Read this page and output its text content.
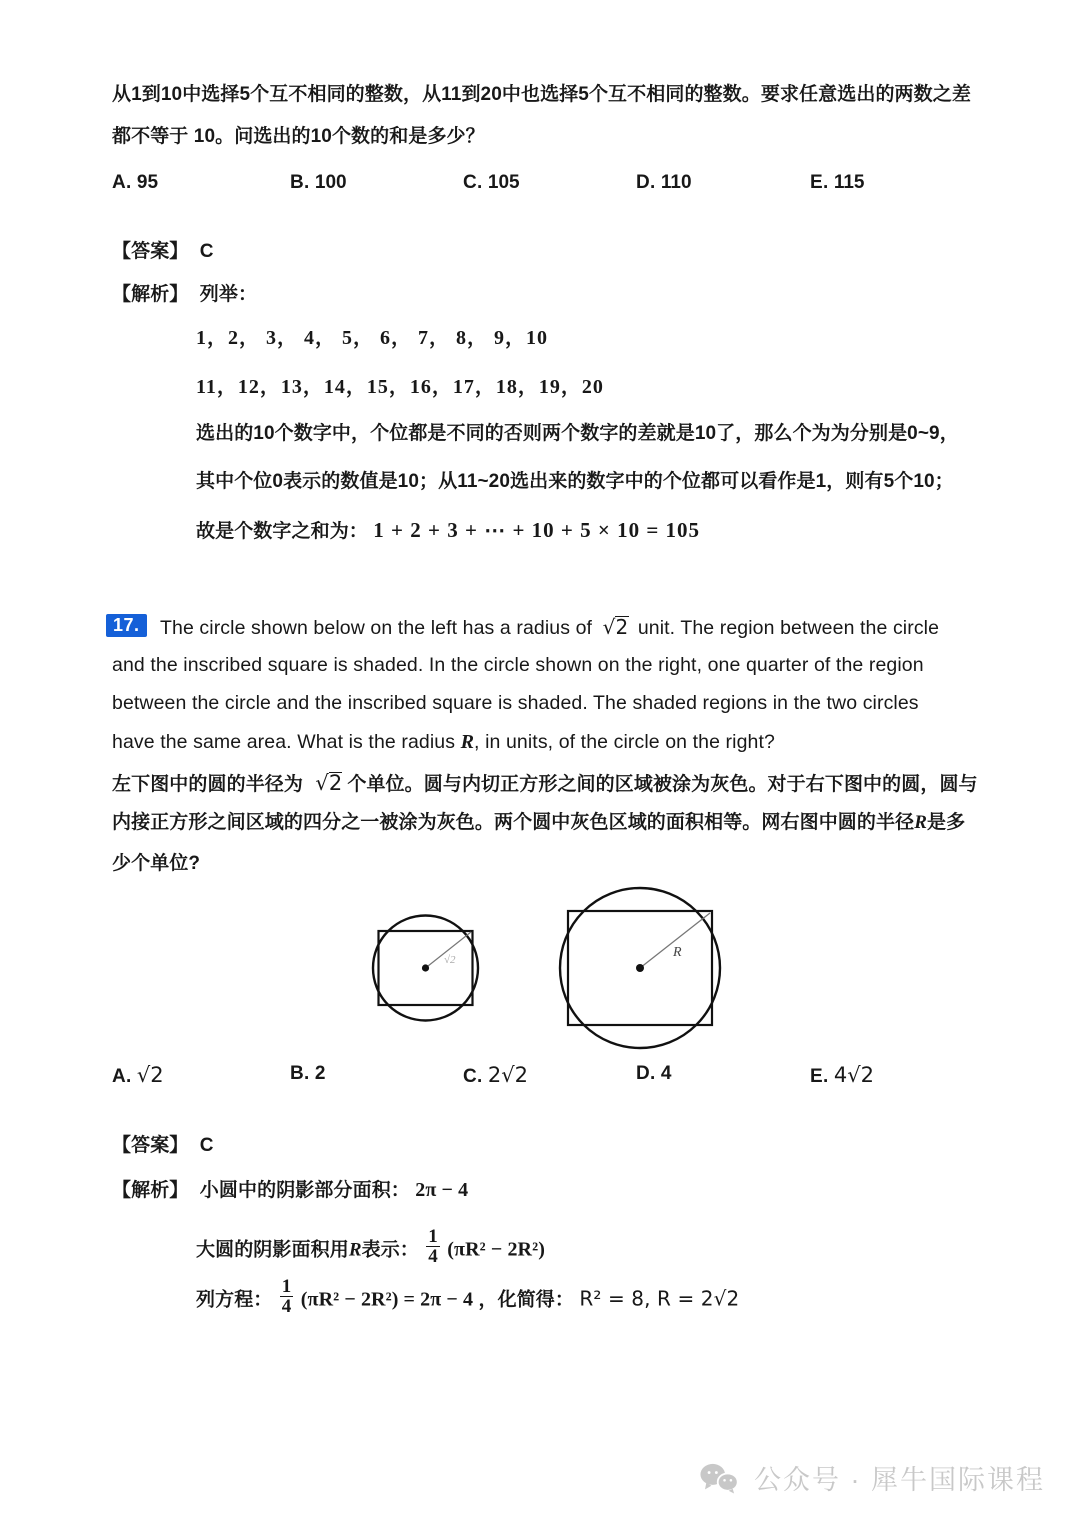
从1到10中选择5个互不相同的整数，从11到20中也选择5个互不相同的整数。要求任意选出的两数之差
都不等于 10。问选出的10个数的和是多少？
A. 95	B. 100	C. 105	D. 110	E. 115
【答案】 C
【解析】 列举：
1，2， 3， 4， 5， 6， 7， 8， 9，10
11，12，13，14，15，16，17，18，19，20
选出的10个数字中，个位都是不同的否则两个数字的差就是10了，那么个为为分别是0~9，
其中个位0表示的数值是10；从11~20选出来的数字中的个位都可以看作是1，则有5个10；
故是个数字之和为： 1 + 2 + 3 + ⋯ + 10 + 5 × 10 = 105
17.	The circle shown below on the left has a radius of √2 unit. The region between the circle
and the inscribed square is shaded. In the circle shown on the right, one quarter of the region
between the circle and the inscribed square is shaded. The shaded regions in the two circles
have the same area. What is the radius R, in units, of the circle on the right?
左下图中的圆的半径为 √2 个单位。圆与内切正方形之间的区域被涂为灰色。对于右下图中的圆，圆与
内接正方形之间区域的四分之一被涂为灰色。两个圆中灰色区域的面积相等。网右图中圆的半径R是多
少个单位?
√2	R
A. √2	B. 2	C. 2√2	D. 4	E. 4√2
【答案】 C
【解析】 小圆中的阴影部分面积： 2π − 4
大圆的阴影面积用R表示： $\frac{1}{4} (\pi R^2 - 2R^2)$
列方程： $\frac{1}{4} (\pi R^2 - 2R^2) = 2\pi - 4$ ，化简得： R² = 8, R = 2√2
公众号 · 犀牛国际课程
